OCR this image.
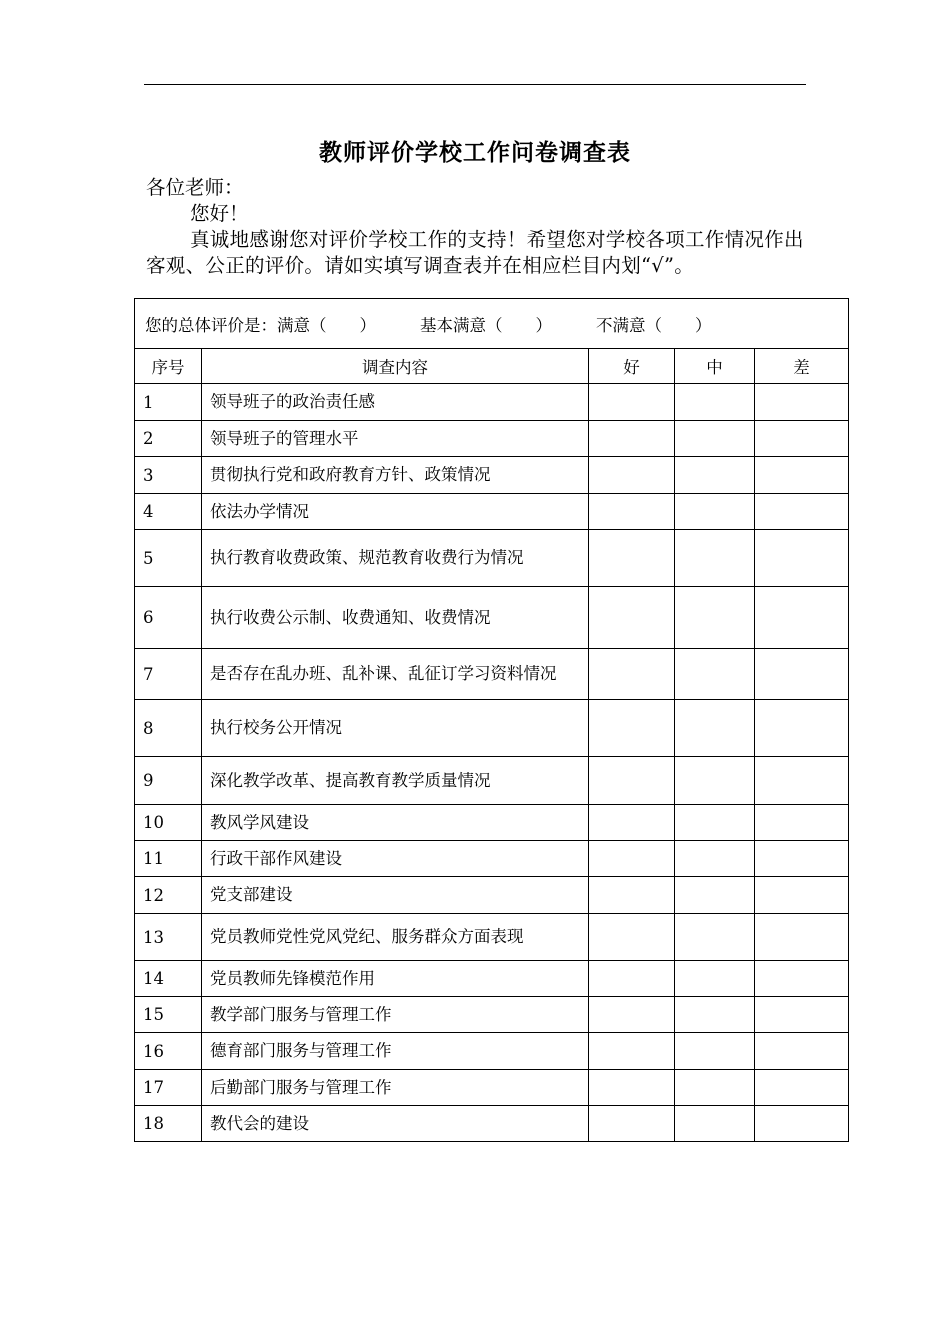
教师评价学校工作问卷调查表

各位老师：

您好！

真诚地感谢您对评价学校工作的支持！希望您对学校各项工作情况作出客观、公正的评价。请如实填写调查表并在相应栏目内划“√”。

您的总体评价是：满意（　　） 基本满意（　　） 不满意（　　）				
序号	调查内容	好	中	差
1	领导班子的政治责任感			
2	领导班子的管理水平			
3	贯彻执行党和政府教育方针、政策情况			
4	依法办学情况			
5	执行教育收费政策、规范教育收费行为情况			
6	执行收费公示制、收费通知、收费情况			
7	是否存在乱办班、乱补课、乱征订学习资料情况			
8	执行校务公开情况			
9	深化教学改革、提高教育教学质量情况			
10	教风学风建设			
11	行政干部作风建设			
12	党支部建设			
13	党员教师党性党风党纪、服务群众方面表现			
14	党员教师先锋模范作用			
15	教学部门服务与管理工作			
16	德育部门服务与管理工作			
17	后勤部门服务与管理工作			
18	教代会的建设			
